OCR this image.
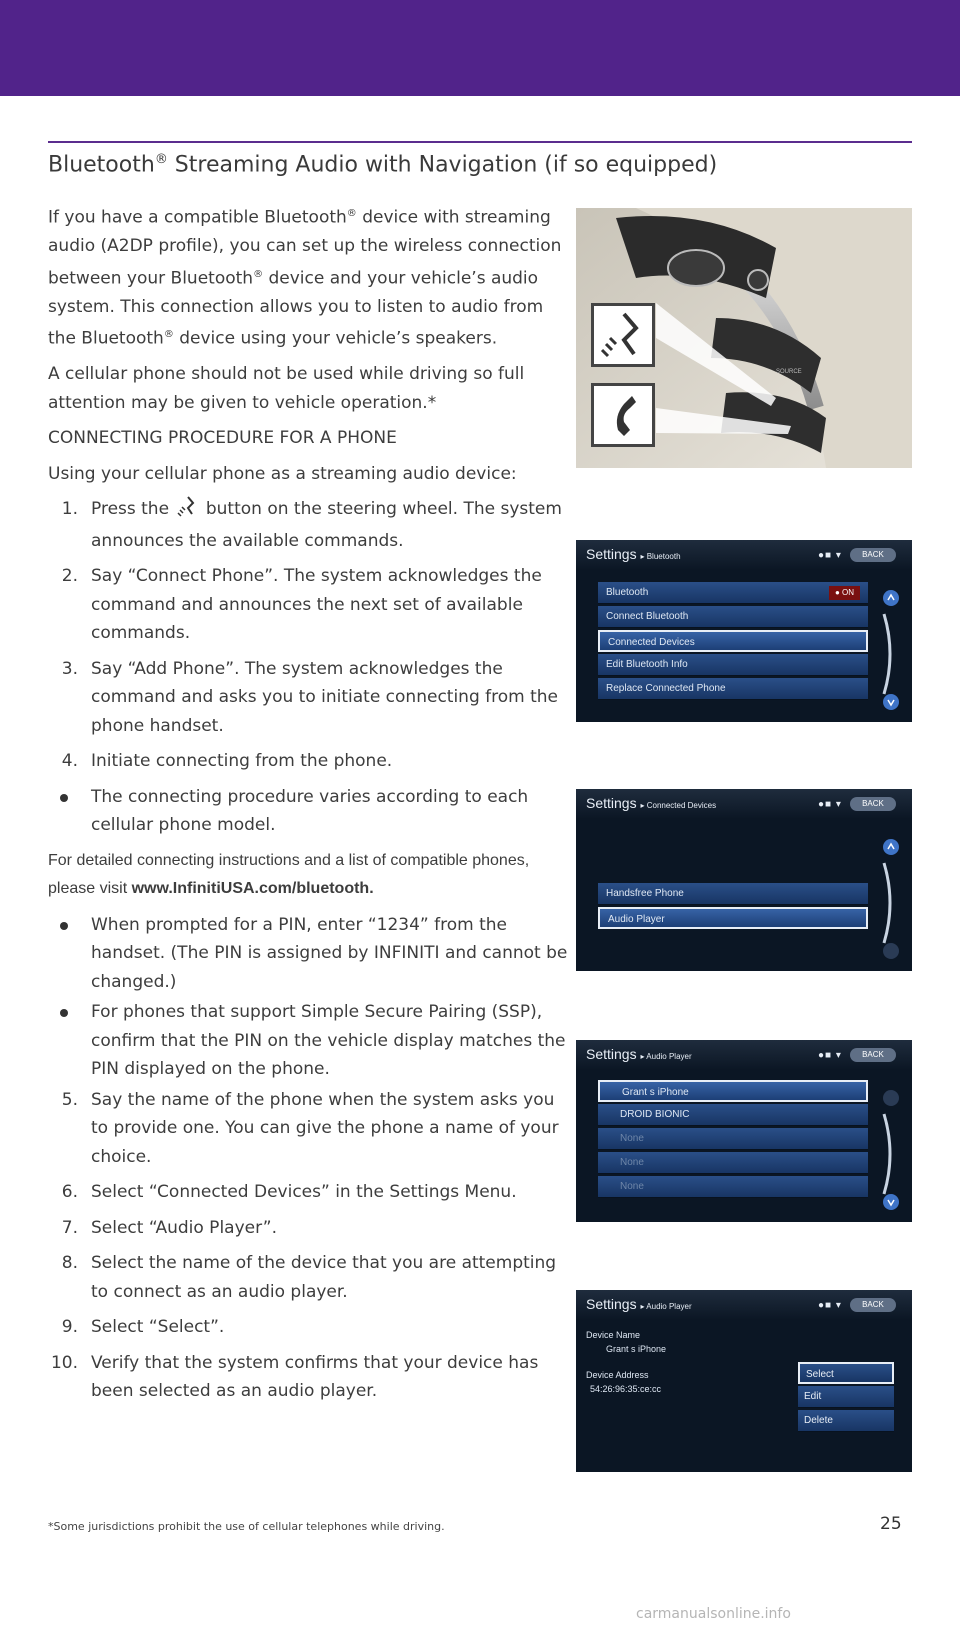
Bluetooth® Streaming Audio with Navigation (if so equipped)

If you have a compatible Bluetooth® device with streaming audio (A2DP profile), you can set up the wireless connection between your Bluetooth® device and your vehicle’s audio system. This connection allows you to listen to audio from the Bluetooth® device using your vehicle’s speakers.

A cellular phone should not be used while driving so full attention may be given to vehicle operation.*

CONNECTING PROCEDURE FOR A PHONE

Using your cellular phone as a streaming audio device:

1. Press the button on the steering wheel. The system announces the available commands.
2. Say “Connect Phone”. The system acknowledges the command and announces the next set of available commands.
3. Say “Add Phone”. The system acknowledges the command and asks you to initiate connecting from the phone handset.
4. Initiate connecting from the phone.
The connecting procedure varies according to each cellular phone model.

For detailed connecting instructions and a list of compatible phones, please visit www.InfinitiUSA.com/bluetooth.

When prompted for a PIN, enter “1234” from the handset. (The PIN is assigned by INFINITI and cannot be changed.)
For phones that support Simple Secure Pairing (SSP), confirm that the PIN on the vehicle display matches the PIN displayed on the phone.
5. Say the name of the phone when the system asks you to provide one. You can give the phone a name of your choice.
6. Select “Connected Devices” in the Settings Menu.
7. Select “Audio Player”.
8. Select the name of the device that you are attempting to connect as an audio player.
9. Select “Select”.
10. Verify that the system confirms that your device has been selected as an audio player.
SOURCE
Settings ▸ Bluetooth	●■ ▾	BACK
Bluetooth	● ON
Connect Bluetooth
Connected Devices
Edit Bluetooth Info
Replace Connected Phone
Settings ▸ Connected Devices	●■ ▾	BACK
Handsfree Phone
Audio Player
Settings ▸ Audio Player	●■ ▾	BACK
Grant s iPhone
DROID BIONIC
None
None
None
Settings ▸ Audio Player	●■ ▾	BACK
Device Name
Grant s iPhone
Device Address
54:26:96:35:ce:cc
Select
Edit
Delete
*Some jurisdictions prohibit the use of cellular telephones while driving.	25
carmanualsonline.info
